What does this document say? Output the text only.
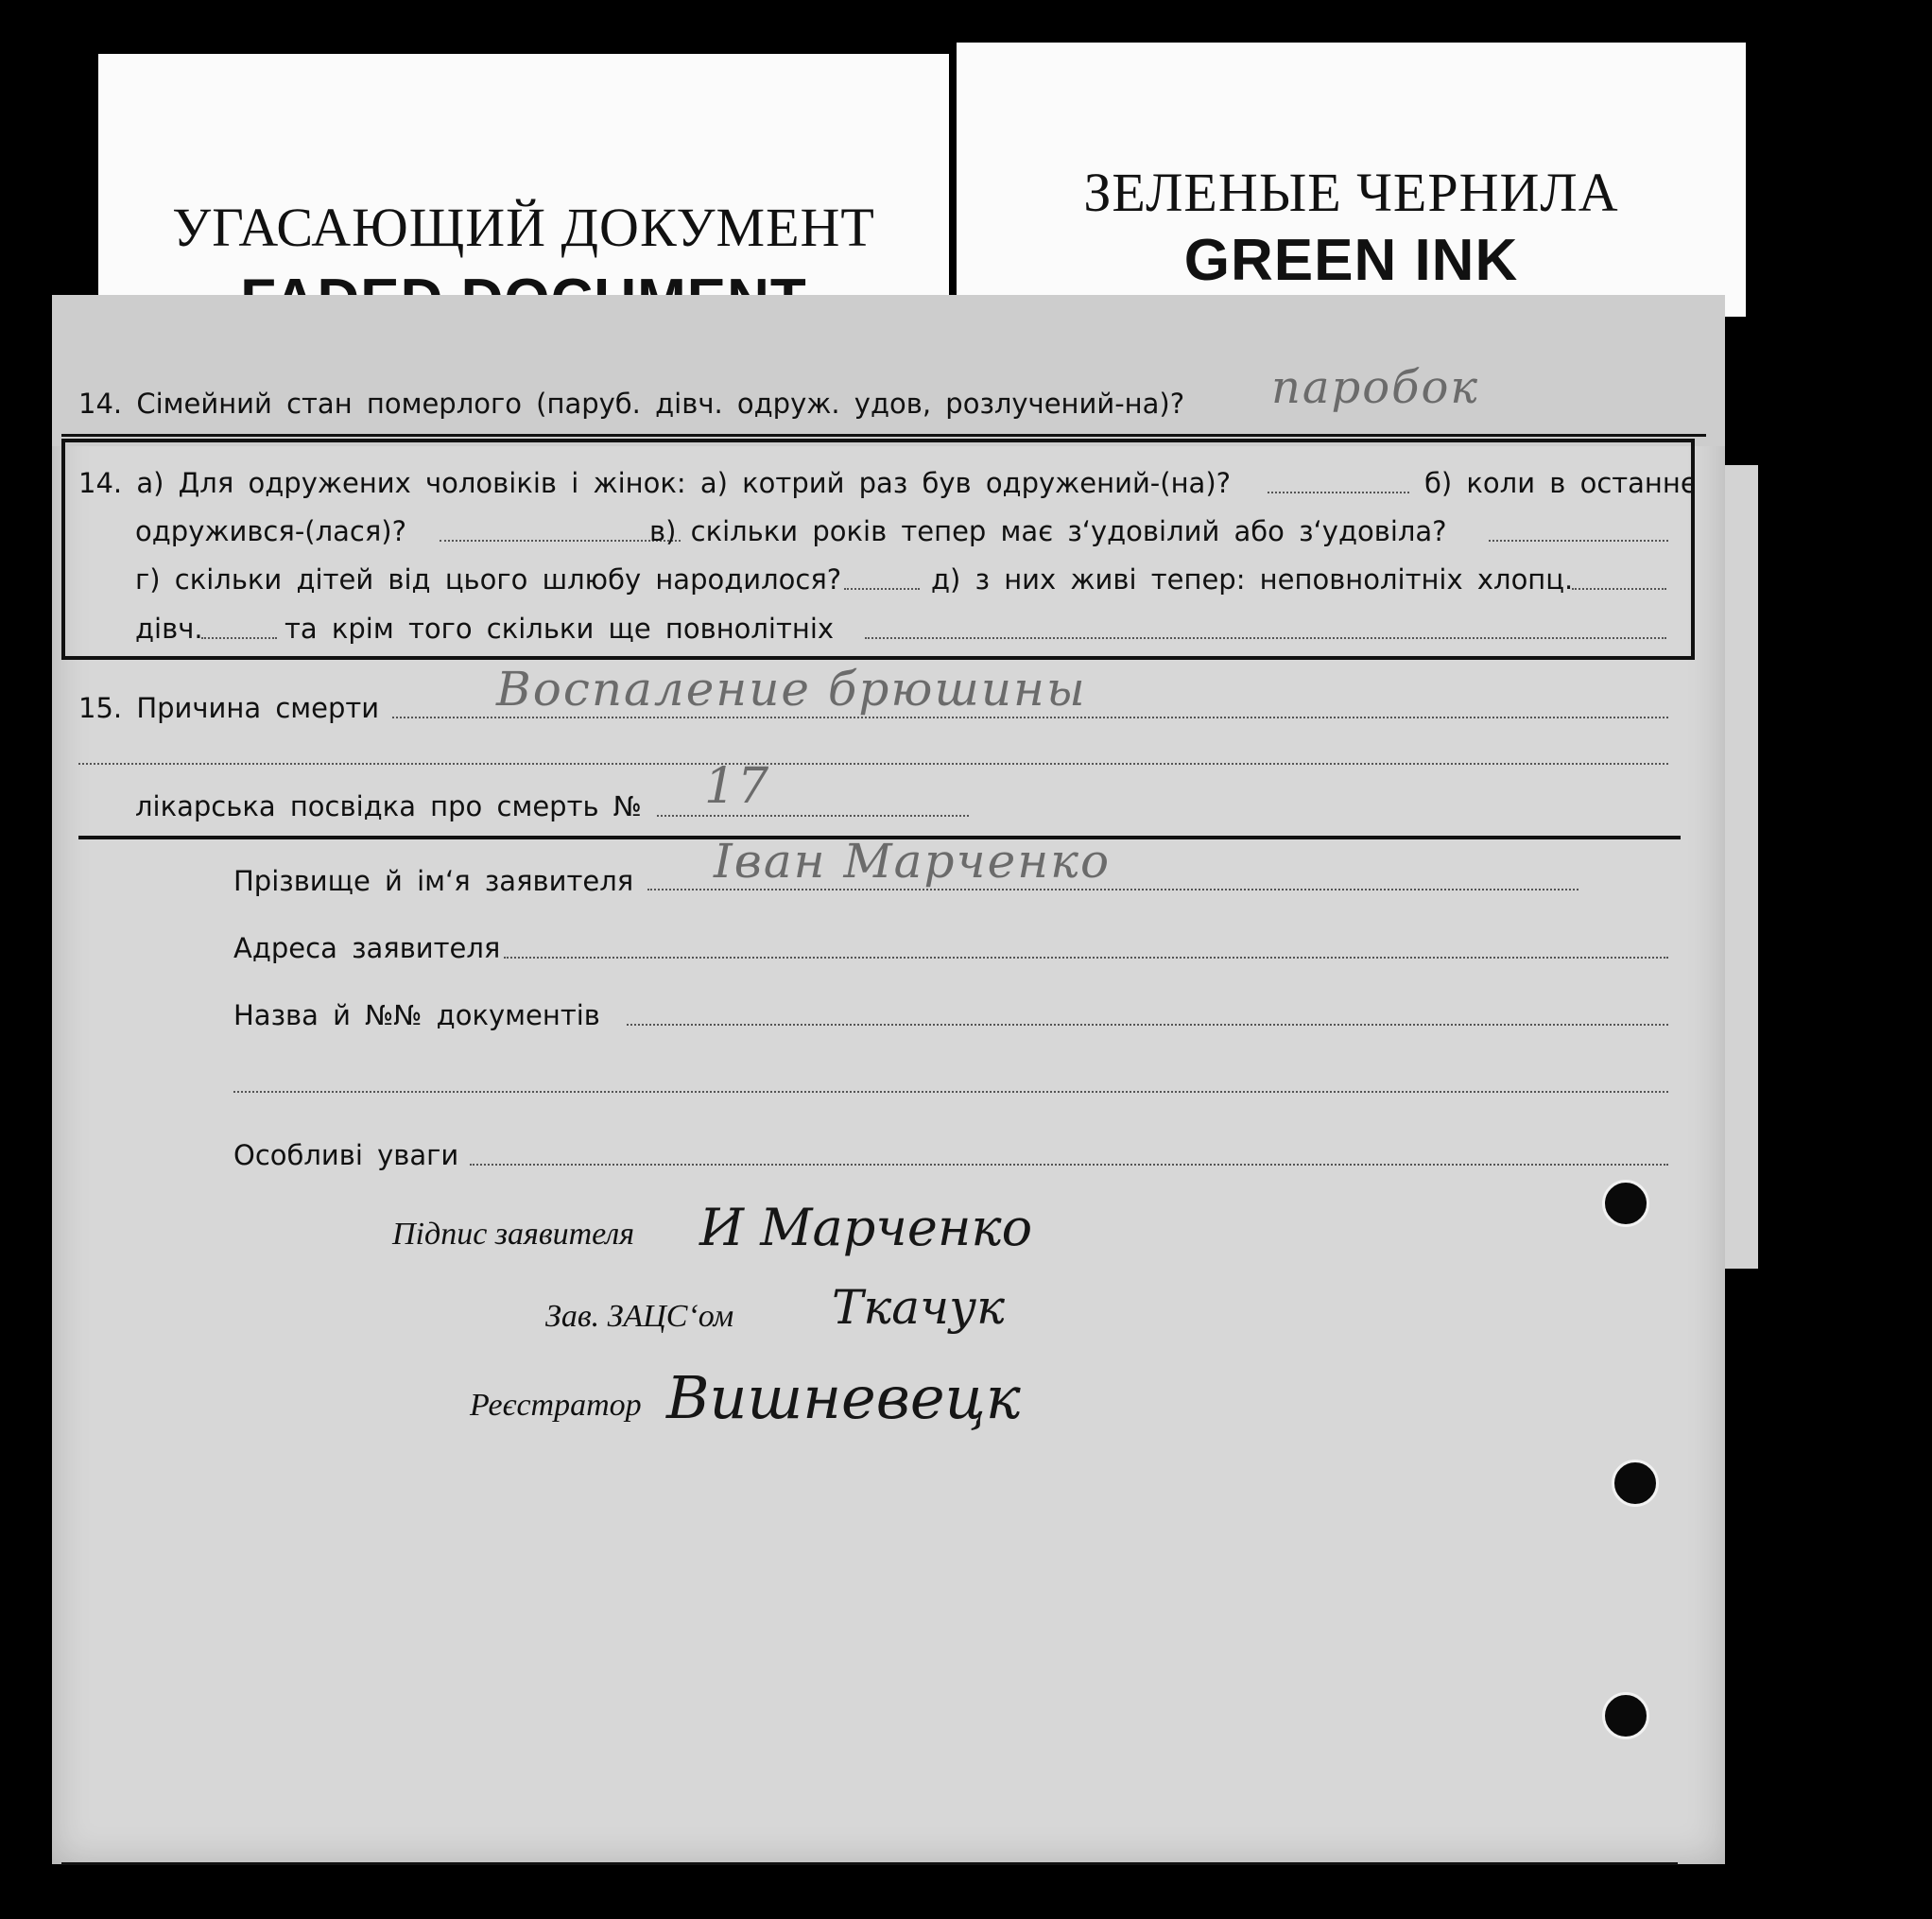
УГАСАЮЩИЙ ДОКУМЕНТ
ЗЕЛЕНЫЕ ЧЕРНИЛА
GREEN INK
14. Сімейний стан померлого (паруб. дівч. одруж. удов, розлучений-на)? паробок
14. а) Для одружених чоловіків і жінок: а) котрий раз був одружений-(на)?	б) коли в останнє
одружився-(лася)?	в) скільки років тепер має з‘удовілий або з‘удовіла?
г) скільки дітей від цього шлюбу народилося?	д) з них живі тепер: неповнолітніх хлопц.
дівч.	та крім того скільки ще повнолітніх
15. Причина смерти Воспаление брюшины
лікарська посвідка про смерть № 17
Прізвище й ім‘я заявителя Іван Марченко
Адреса заявителя
Назва й №№ документів
Особливі уваги
Підпис заявителя И Марченко
Зав. ЗАЦС‘ом Ткачук
Реєстратор Вишневецк
